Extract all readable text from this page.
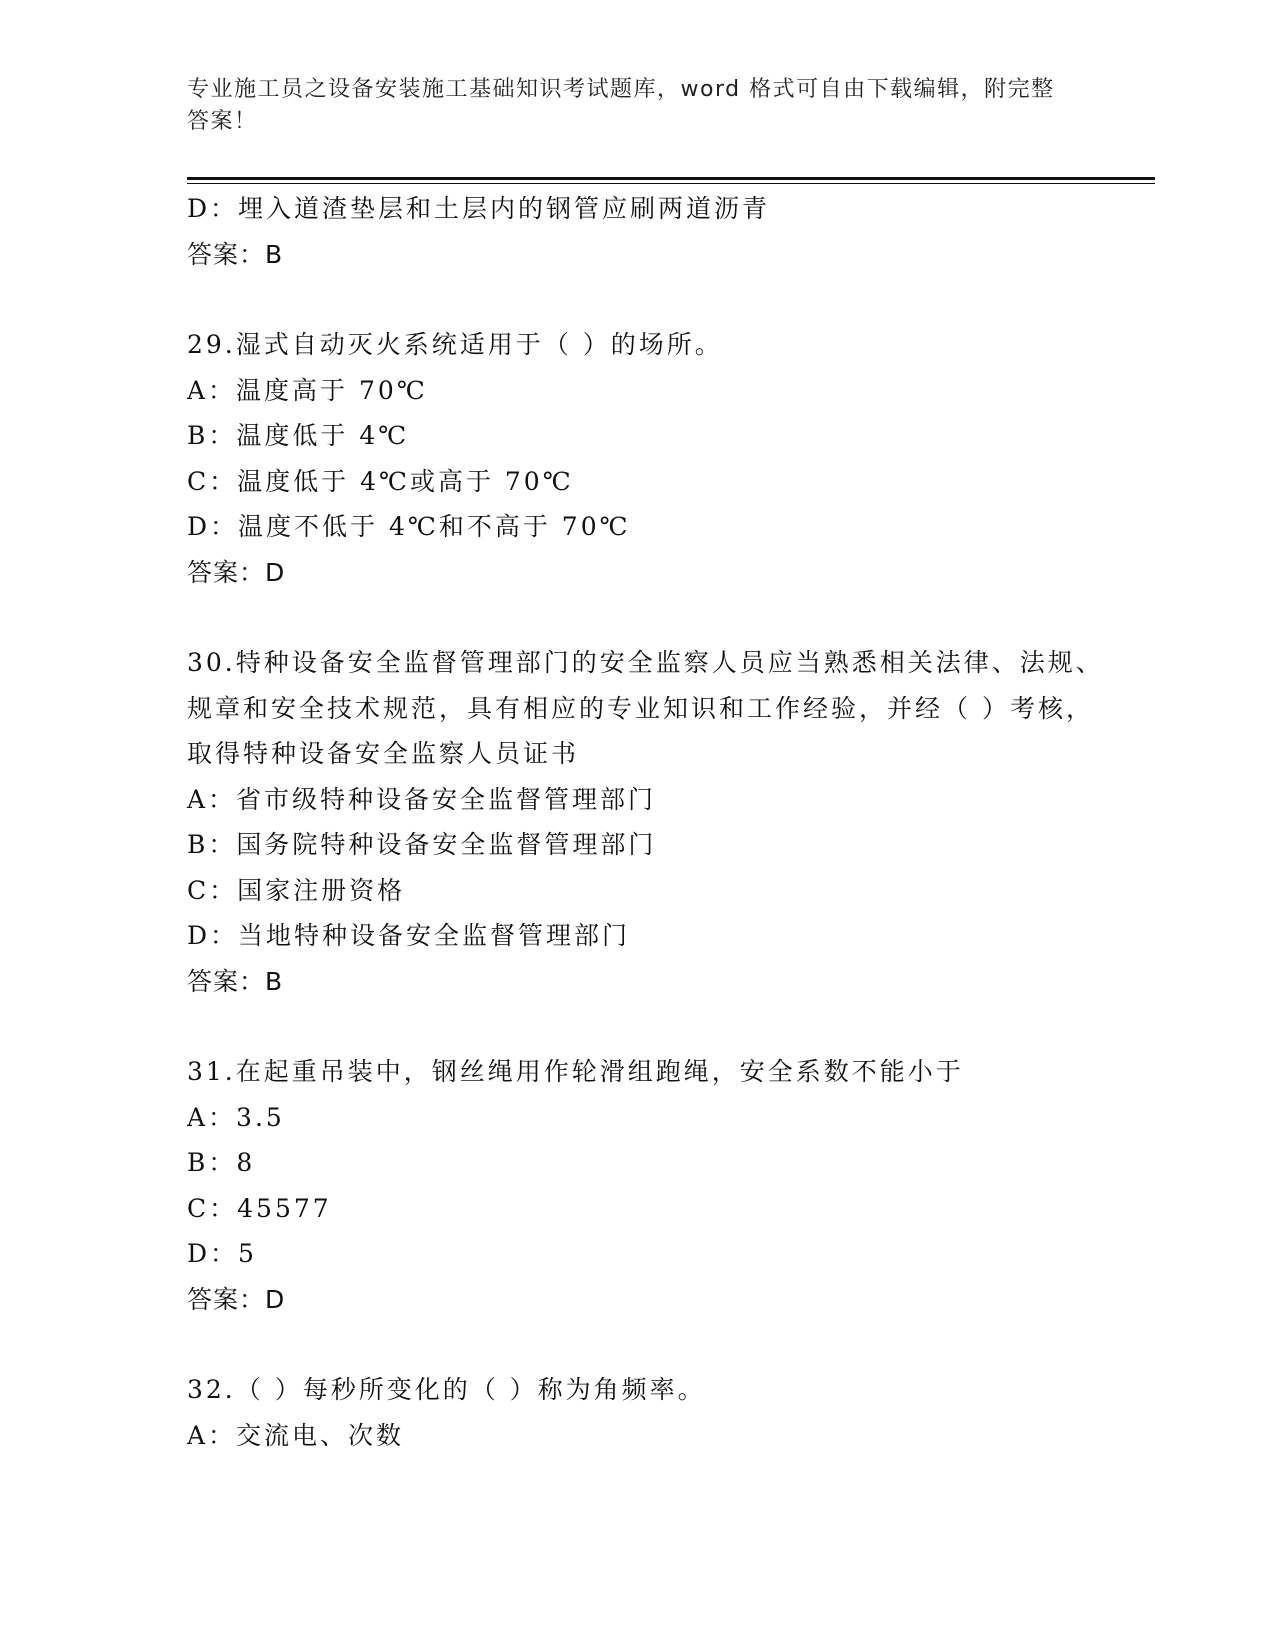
专业施工员之设备安装施工基础知识考试题库，word 格式可自由下载编辑，附完整答案！
D：埋入道渣垫层和土层内的钢管应刷两道沥青
答案：B
29.湿式自动灭火系统适用于（ ）的场所。
A：温度高于 70℃
B：温度低于 4℃
C：温度低于 4℃或高于 70℃
D：温度不低于 4℃和不高于 70℃
答案：D
30.特种设备安全监督管理部门的安全监察人员应当熟悉相关法律、法规、规章和安全技术规范，具有相应的专业知识和工作经验，并经（ ）考核，取得特种设备安全监察人员证书
A：省市级特种设备安全监督管理部门
B：国务院特种设备安全监督管理部门
C：国家注册资格
D：当地特种设备安全监督管理部门
答案：B
31.在起重吊装中，钢丝绳用作轮滑组跑绳，安全系数不能小于
A：3.5
B：8
C：45577
D：5
答案：D
32.（ ）每秒所变化的（ ）称为角频率。
A：交流电、次数
